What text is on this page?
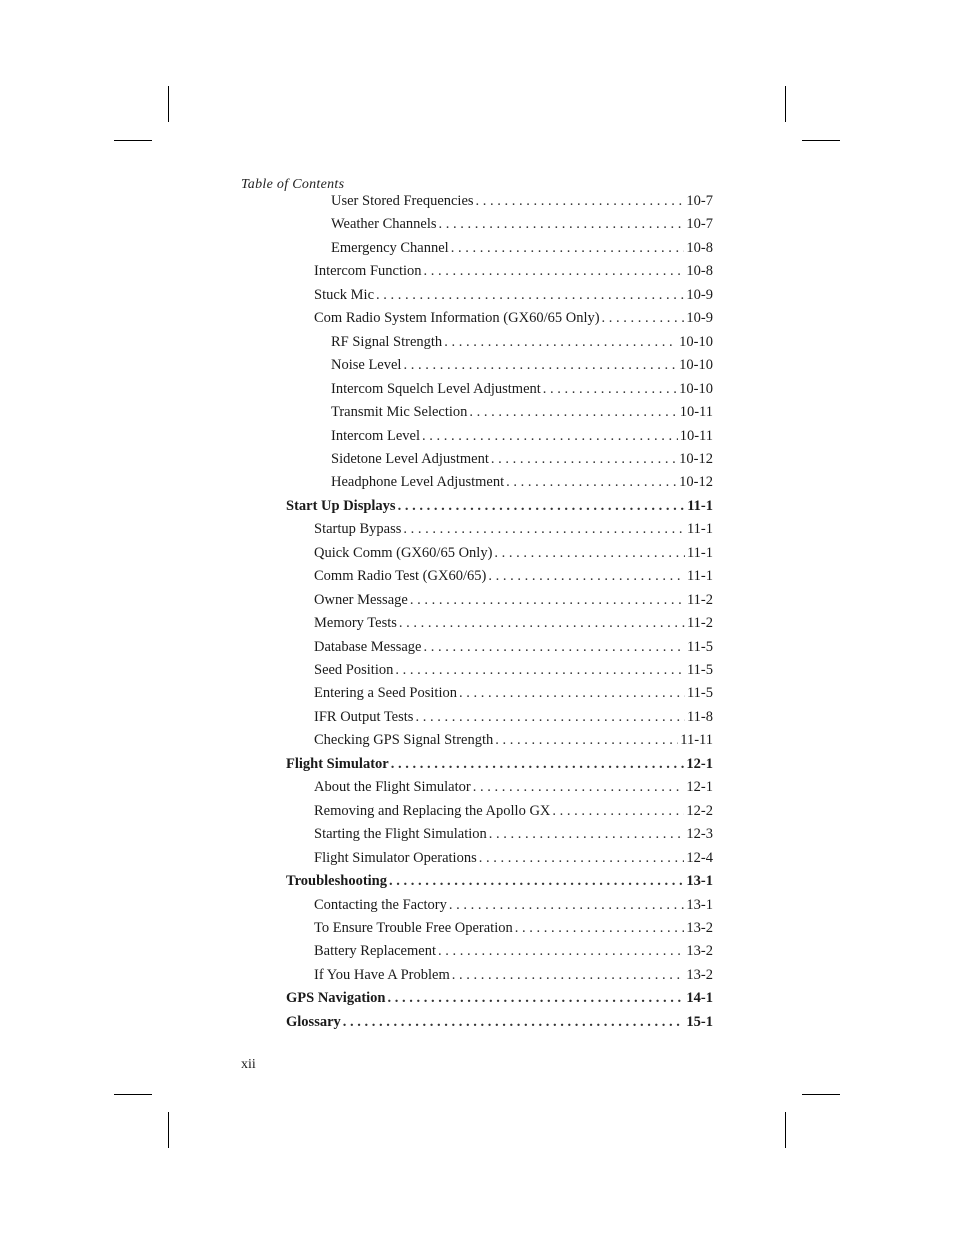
Table of Contents
User Stored Frequencies . . .	10-7
Weather Channels . . .	10-7
Emergency Channel . . .	10-8
Intercom Function . . .	10-8
Stuck Mic . . .	10-9
Com Radio System Information (GX60/65 Only) . . .	10-9
RF Signal Strength . . .	10-10
Noise Level . . .	10-10
Intercom Squelch Level Adjustment . . .	10-10
Transmit Mic Selection . . .	10-11
Intercom Level . . .	10-11
Sidetone Level Adjustment . . .	10-12
Headphone Level Adjustment . . .	10-12
Start Up Displays . . .	11-1
Startup Bypass . . .	11-1
Quick Comm (GX60/65 Only) . . .	11-1
Comm Radio Test (GX60/65) . . .	11-1
Owner Message . . .	11-2
Memory Tests . . .	11-2
Database Message . . .	11-5
Seed Position . . .	11-5
Entering a Seed Position . . .	11-5
IFR Output Tests . . .	11-8
Checking GPS Signal Strength . . .	11-11
Flight Simulator . . .	12-1
About the Flight Simulator . . .	12-1
Removing and Replacing the Apollo GX . . .	12-2
Starting the Flight Simulation . . .	12-3
Flight Simulator Operations . . .	12-4
Troubleshooting . . .	13-1
Contacting the Factory . . .	13-1
To Ensure Trouble Free Operation . . .	13-2
Battery Replacement . . .	13-2
If You Have A Problem . . .	13-2
GPS Navigation . . .	14-1
Glossary . . .	15-1
xii
